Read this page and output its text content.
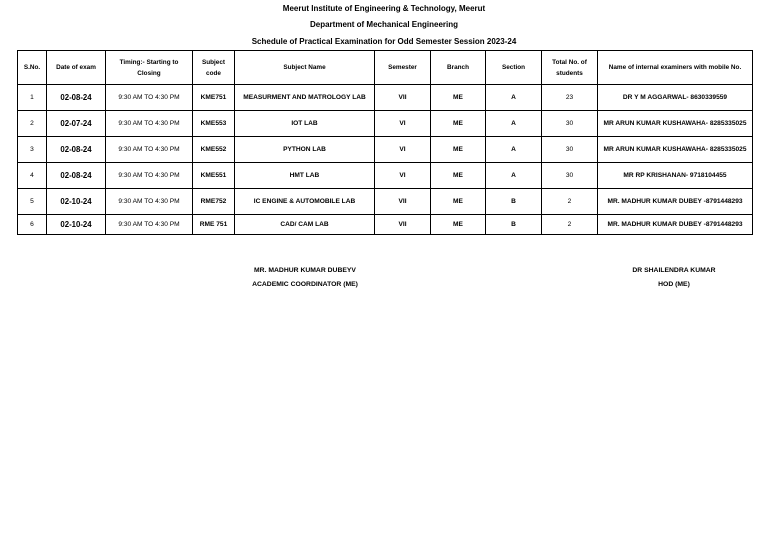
Meerut Institute of Engineering & Technology, Meerut
Department of Mechanical Engineering
Schedule of Practical Examination for Odd Semester Session 2023-24
S.No.	Date of exam	Timing:- Starting to Closing	Subject code	Subject Name	Semester	Branch	Section	Total No. of students	Name of internal examiners with mobile No.
1	02-08-24	9:30 AM TO 4:30 PM	KME751	MEASURMENT AND MATROLOGY LAB	VII	ME	A	23	DR Y M AGGARWAL- 8630339559
2	02-07-24	9:30 AM TO 4:30 PM	KME553	IOT LAB	VI	ME	A	30	MR ARUN KUMAR KUSHAWAHA- 8285335025
3	02-08-24	9:30 AM TO 4:30 PM	KME552	PYTHON LAB	VI	ME	A	30	MR ARUN KUMAR KUSHAWAHA- 8285335025
4	02-08-24	9:30 AM TO 4:30 PM	KME551	HMT LAB	VI	ME	A	30	MR RP KRISHANAN- 9718104455
5	02-10-24	9:30 AM TO 4:30 PM	RME752	IC ENGINE & AUTOMOBILE LAB	VII	ME	B	2	MR. MADHUR KUMAR DUBEY -8791448293
6	02-10-24	9:30 AM TO 4:30 PM	RME 751	CAD/ CAM LAB	VII	ME	B	2	MR. MADHUR KUMAR DUBEY -8791448293
MR. MADHUR KUMAR DUBEYV
ACADEMIC COORDINATOR (ME)
DR SHAILENDRA KUMAR
HOD (ME)
